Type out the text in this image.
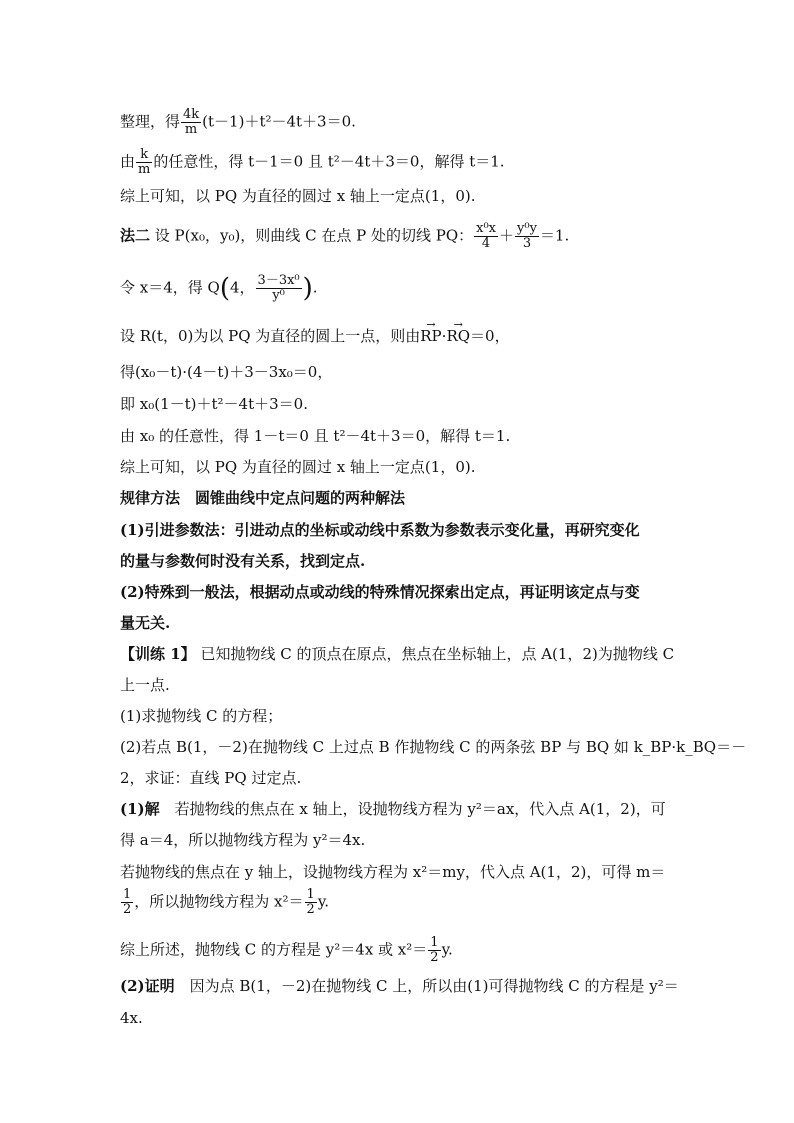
整理，得 $\frac{4k}{m} (t-1)+t^2-4t+3=0$.
由 $\frac{k}{m}$ 的任意性，得 t－1＝0 且 t²－4t＋3＝0，解得 t＝1.
综上可知，以 PQ 为直径的圆过 x 轴上一定点(1，0).
法二 设 P(x₀，y₀)，则曲线 C 在点 P 处的切线 PQ： $\frac{\text{x⁰x}}{4} + \frac{\text{y⁰y}}{3} =1$.
令 x＝4，得 Q(4， $\frac{\text{3－3x⁰}}{\text{y⁰}}$ ).
设 R(t，0)为以 PQ 为直径的圆上一点，则由→ RP·→ RQ＝0，
得(x₀－t)·(4－t)＋3－3x₀＝0，
即 x₀(1－t)＋t²－4t＋3＝0.
由 x₀ 的任意性，得 1－t＝0 且 t²－4t＋3＝0，解得 t＝1.
综上可知，以 PQ 为直径的圆过 x 轴上一定点(1，0).
规律方法　圆锥曲线中定点问题的两种解法
(1)引进参数法：引进动点的坐标或动线中系数为参数表示变化量，再研究变化
的量与参数何时没有关系，找到定点.
(2)特殊到一般法，根据动点或动线的特殊情况探索出定点，再证明该定点与变
量无关.
【训练 1】 已知抛物线 C 的顶点在原点，焦点在坐标轴上，点 A(1，2)为抛物线 C
上一点.
(1)求抛物线 C 的方程；
(2)若点 B(1，－2)在抛物线 C 上过点 B 作抛物线 C 的两条弦 BP 与 BQ 如 k_BP·k_BQ＝－
2，求证：直线 PQ 过定点.
(1)解　若抛物线的焦点在 x 轴上，设抛物线方程为 y²＝ax，代入点 A(1，2)，可
得 a＝4，所以抛物线方程为 y²＝4x.
若抛物线的焦点在 y 轴上，设抛物线方程为 x²＝my，代入点 A(1，2)，可得 m＝
$\frac{1}{2}$ ，所以抛物线方程为 $x^2= \frac{1}{2} y$.
综上所述，抛物线 C 的方程是 y²＝4x 或 $x^2= \frac{1}{2} y$.
(2)证明　因为点 B(1，－2)在抛物线 C 上，所以由(1)可得抛物线 C 的方程是 y²＝
4x.
